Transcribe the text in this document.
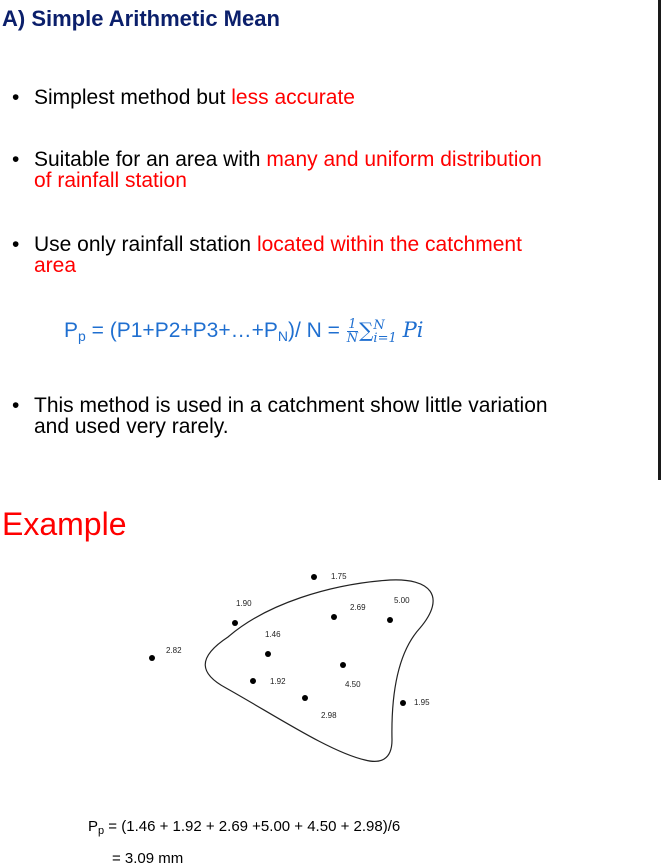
A) Simple Arithmetic Mean
• Simplest method but less accurate
• Suitable for an area with many and uniform distribution
of rainfall station
• Use only rainfall station located within the catchment
area
$P_p$ = $(P1+P2+P3+\dots+P_N)/$ $N = \frac{1}{N}$ ∑ N
i=1 Pi
• This method is used in a catchment show little variation
and used very rarely.
Example
1.75
1.90	2.69
5.00
1.46
2.82
1.92	4.50
2.98
1.95
$P_p = (1.46 + 1.92 + 2.69 +5.00 + 4.50 + 2.98)/6$
= 3.09 mm
